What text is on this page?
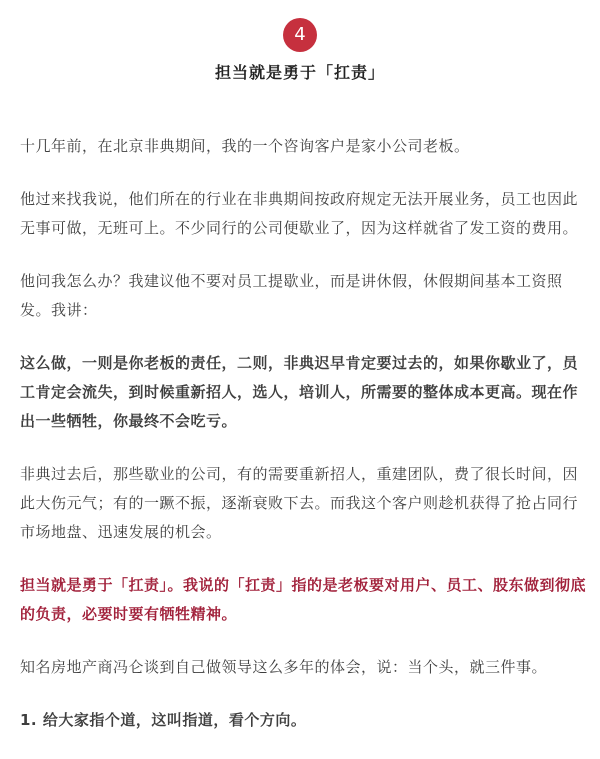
4
担当就是勇于「扛责」

十几年前，在北京非典期间，我的一个咨询客户是家小公司老板。

他过来找我说，他们所在的行业在非典期间按政府规定无法开展业务，员工也因此无事可做，无班可上。不少同行的公司便歇业了，因为这样就省了发工资的费用。

他问我怎么办？我建议他不要对员工提歇业，而是讲休假，休假期间基本工资照发。我讲：

这么做，一则是你老板的责任，二则，非典迟早肯定要过去的，如果你歇业了，员工肯定会流失，到时候重新招人，选人，培训人，所需要的整体成本更高。现在作出一些牺牲，你最终不会吃亏。

非典过去后，那些歇业的公司，有的需要重新招人，重建团队，费了很长时间，因此大伤元气；有的一蹶不振，逐渐衰败下去。而我这个客户则趁机获得了抢占同行市场地盘、迅速发展的机会。

担当就是勇于「扛责」。我说的「扛责」指的是老板要对用户、员工、股东做到彻底的负责，必要时要有牺牲精神。

知名房地产商冯仑谈到自己做领导这么多年的体会，说：当个头，就三件事。

1. 给大家指个道，这叫指道，看个方向。
